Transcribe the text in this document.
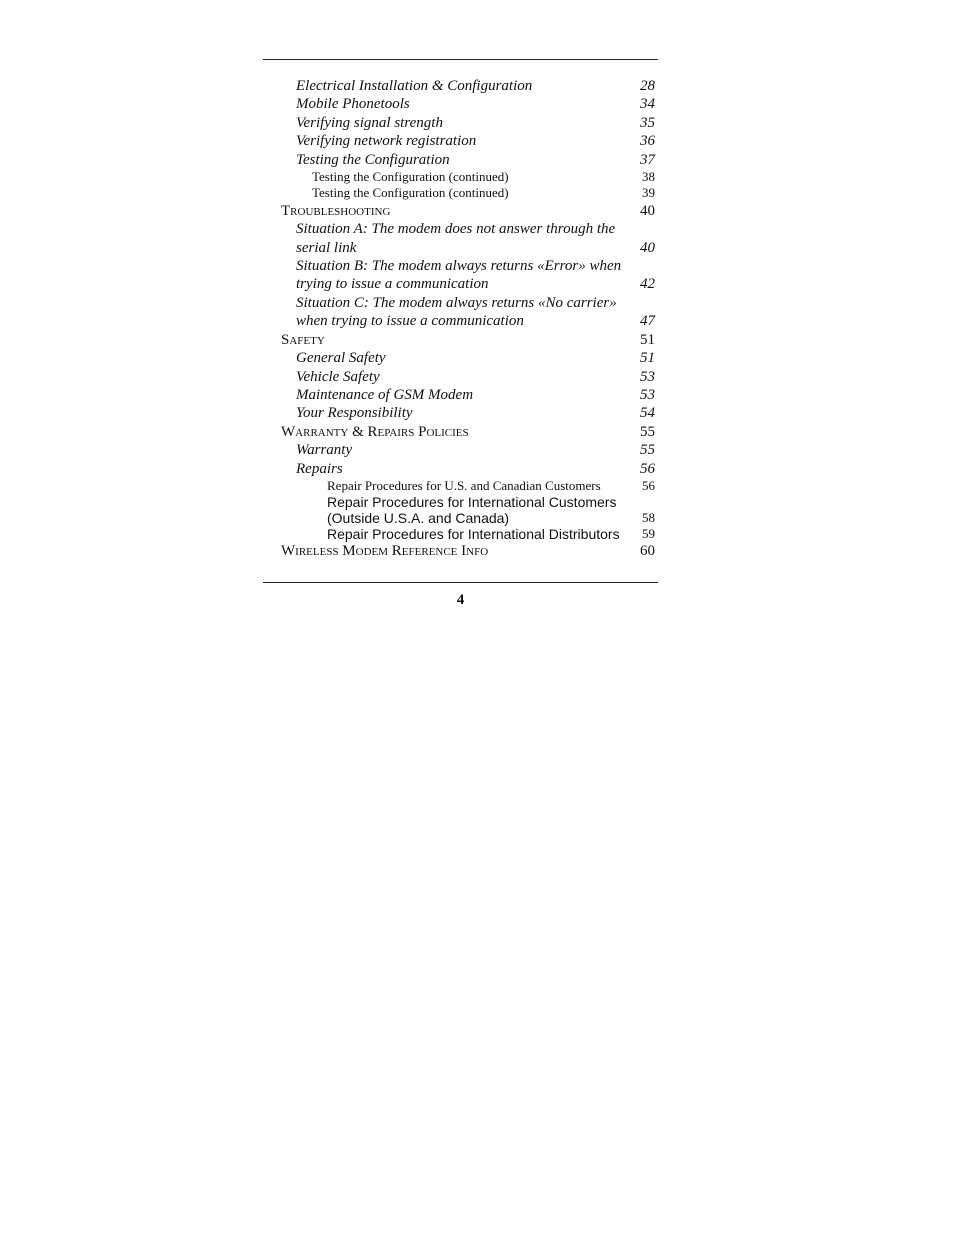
Electrical Installation & Configuration	28
Mobile Phonetools	34
Verifying signal strength	35
Verifying network registration	36
Testing the Configuration	37
Testing the Configuration (continued)	38
Testing the Configuration (continued)	39
Troubleshooting	40
Situation A: The modem does not answer through the serial link	40
Situation B: The modem always returns «Error» when trying to issue a communication	42
Situation C: The modem always returns «No carrier» when trying to issue a communication	47
Safety	51
General Safety	51
Vehicle Safety	53
Maintenance of GSM Modem	53
Your Responsibility	54
Warranty & Repairs Policies	55
Warranty	55
Repairs	56
Repair Procedures for U.S. and Canadian Customers	56
Repair Procedures for International Customers (Outside U.S.A. and Canada)	58
Repair Procedures for International Distributors	59
Wireless Modem Reference Info	60
4
